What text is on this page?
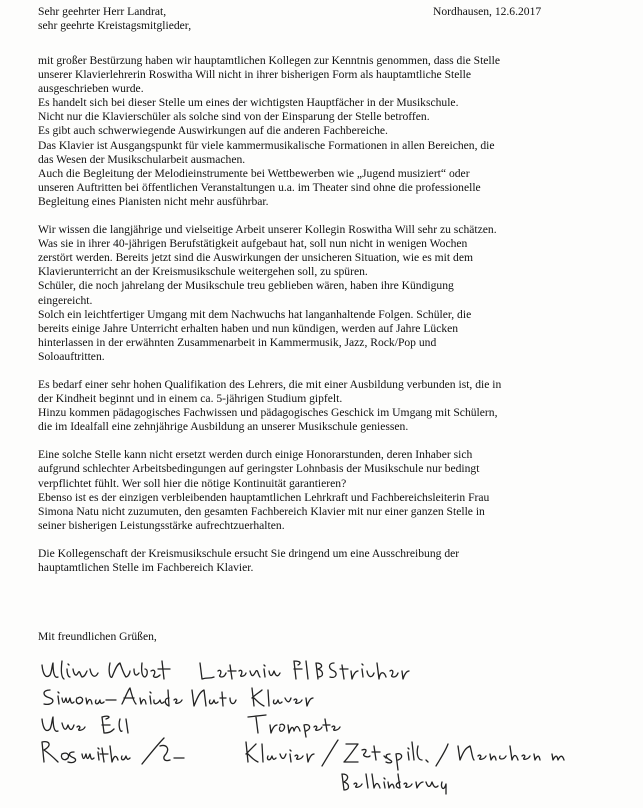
Sehr geehrter Herr Landrat,
sehr geehrte Kreistagsmitglieder,
Nordhausen, 12.6.2017
mit großer Bestürzung haben wir hauptamtlichen Kollegen zur Kenntnis genommen, dass die Stelle
unserer Klavierlehrerin Roswitha Will nicht in ihrer bisherigen Form als hauptamtliche Stelle
ausgeschrieben wurde.
Es handelt sich bei dieser Stelle um eines der wichtigsten Hauptfächer in der Musikschule.
Nicht nur die Klavierschüler als solche sind von der Einsparung der Stelle betroffen.
Es gibt auch schwerwiegende Auswirkungen auf die anderen Fachbereiche.
Das Klavier ist Ausgangspunkt für viele kammermusikalische Formationen in allen Bereichen, die
das Wesen der Musikschularbeit ausmachen.
Auch die Begleitung der Melodieinstrumente bei Wettbewerben wie „Jugend musiziert“ oder
unseren Auftritten bei öffentlichen Veranstaltungen u.a. im Theater sind ohne die professionelle
Begleitung eines Pianisten nicht mehr ausführbar.
Wir wissen die langjährige und vielseitige Arbeit unserer Kollegin Roswitha Will sehr zu schätzen.
Was sie in ihrer 40-jährigen Berufstätigkeit aufgebaut hat, soll nun nicht in wenigen Wochen
zerstört werden. Bereits jetzt sind die Auswirkungen der unsicheren Situation, wie es mit dem
Klavierunterricht an der Kreismusikschule weitergehen soll, zu spüren.
Schüler, die noch jahrelang der Musikschule treu geblieben wären, haben ihre Kündigung
eingereicht.
Solch ein leichtfertiger Umgang mit dem Nachwuchs hat langanhaltende Folgen. Schüler, die
bereits einige Jahre Unterricht erhalten haben und nun kündigen, werden auf Jahre Lücken
hinterlassen in der erwähnten Zusammenarbeit in Kammermusik, Jazz, Rock/Pop und
Soloauftritten.
Es bedarf einer sehr hohen Qualifikation des Lehrers, die mit einer Ausbildung verbunden ist, die in
der Kindheit beginnt und in einem ca. 5-jährigen Studium gipfelt.
Hinzu kommen pädagogisches Fachwissen und pädagogisches Geschick im Umgang mit Schülern,
die im Idealfall eine zehnjährige Ausbildung an unserer Musikschule geniessen.
Eine solche Stelle kann nicht ersetzt werden durch einige Honorarstunden, deren Inhaber sich
aufgrund schlechter Arbeitsbedingungen auf geringster Lohnbasis der Musikschule nur bedingt
verpflichtet fühlt. Wer soll hier die nötige Kontinuität garantieren?
Ebenso ist es der einzigen verbleibenden hauptamtlichen Lehrkraft und Fachbereichsleiterin Frau
Simona Natu nicht zuzumuten, den gesamten Fachbereich Klavier mit nur einer ganzen Stelle in
seiner bisherigen Leistungsstärke aufrechtzuerhalten.
Die Kollegenschaft der Kreismusikschule ersucht Sie dringend um eine Ausschreibung der
hauptamtlichen Stelle im Fachbereich Klavier.
Mit freundlichen Grüßen,
